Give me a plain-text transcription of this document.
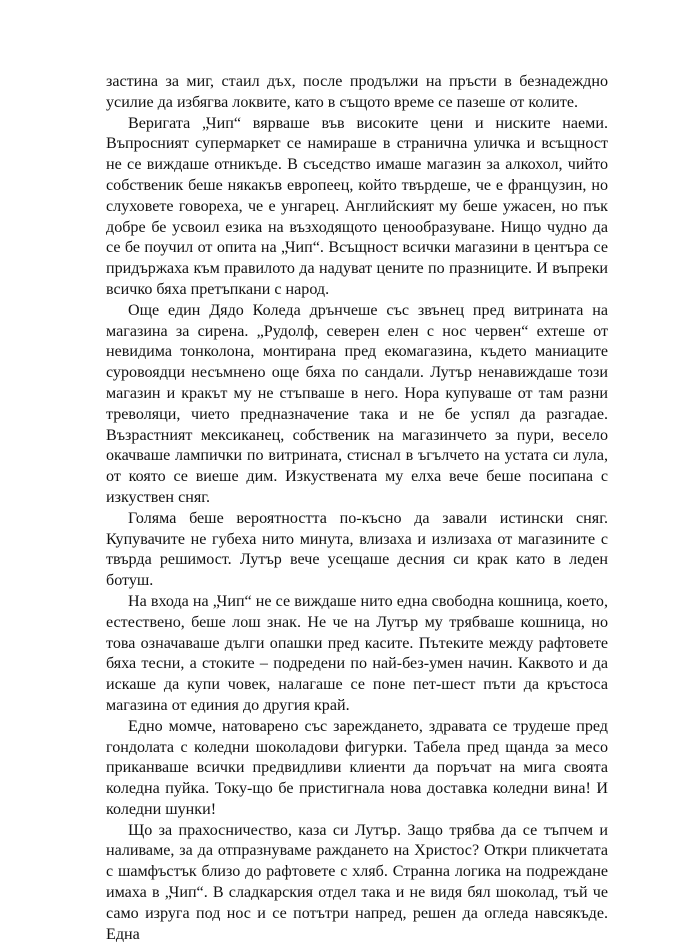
застина за миг, стаил дъх, после продължи на пръсти в безнадеждно усилие да избягва локвите, като в същото време се пазеше от колите.

Веригата „Чип“ вярваше във високите цени и ниските наеми. Въпросният супермаркет се намираше в странична уличка и всъщност не се виждаше отникъде. В съседство имаше магазин за алкохол, чийто собственик беше някакъв европеец, който твърдеше, че е французин, но слуховете говореха, че е унгарец. Английският му беше ужасен, но пък добре бе усвоил езика на възходящото ценообразуване. Нищо чудно да се бе поучил от опита на „Чип“. Всъщност всички магазини в центъра се придържаха към правилото да надуват цените по празниците. И въпреки всичко бяха претъпкани с народ.

Още един Дядо Коледа дрънчеше със звънец пред витрината на магазина за сирена. „Рудолф, северен елен с нос червен“ ехтеше от невидима тонколона, монтирана пред екомагазина, където маниаците суровоядци несъмнено още бяха по сандали. Лутър ненавиждаше този магазин и кракът му не стъпваше в него. Нора купуваше от там разни треволяци, чието предназначение така и не бе успял да разгадае. Възрастният мексиканец, собственик на магазинчето за пури, весело окачваше лампички по витрината, стиснал в ъгълчето на устата си лула, от която се виеше дим. Изкуствената му елха вече беше посипана с изкуствен сняг.

Голяма беше вероятността по-късно да завали истински сняг. Купувачите не губеха нито минута, влизаха и излизаха от магазините с твърда решимост. Лутър вече усещаше десния си крак като в леден ботуш.

На входа на „Чип“ не се виждаше нито една свободна кошница, което, естествено, беше лош знак. Не че на Лутър му трябваше кошница, но това означаваше дълги опашки пред касите. Пътеките между рафтовете бяха тесни, а стоките – подредени по най-без-умен начин. Каквото и да искаше да купи човек, налагаше се поне пет-шест пъти да кръстоса магазина от единия до другия край.

Едно момче, натоварено със зареждането, здравата се трудеше пред гондолата с коледни шоколадови фигурки. Табела пред щанда за месо приканваше всички предвидливи клиенти да поръчат на мига своята коледна пуйка. Току-що бе пристигнала нова доставка коледни вина! И коледни шунки!

Що за прахосничество, каза си Лутър. Защо трябва да се тъпчем и наливаме, за да отпразнуваме раждането на Христос? Откри пликчетата с шамфъстък близо до рафтовете с хляб. Странна логика на подреждане имаха в „Чип“. В сладкарския отдел така и не видя бял шоколад, тъй че само изруга под нос и се потътри напред, решен да огледа навсякъде. Една
